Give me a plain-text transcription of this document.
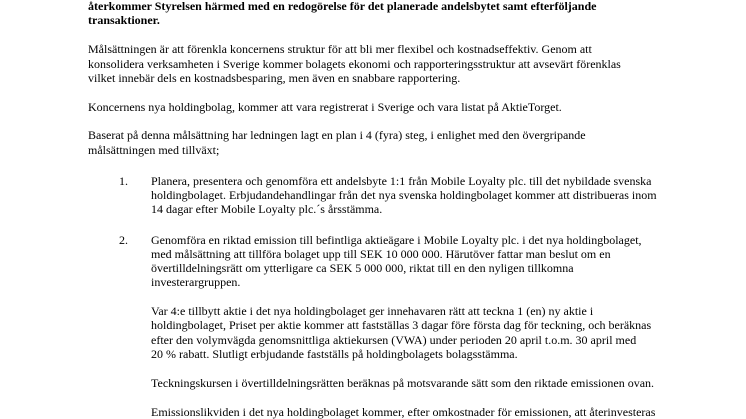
återkommer Styrelsen härmed med en redogörelse för det planerade andelsbytet samt efterföljande
transaktioner.
Målsättningen är att förenkla koncernens struktur för att bli mer flexibel och kostnadseffektiv. Genom att
konsolidera verksamheten i Sverige kommer bolagets ekonomi och rapporteringsstruktur att avsevärt förenklas
vilket innebär dels en kostnadsbesparing, men även en snabbare rapportering.
Koncernens nya holdingbolag, kommer att vara registrerat i Sverige och vara listat på AktieTorget.
Baserat på denna målsättning har ledningen lagt en plan i 4 (fyra) steg, i enlighet med den övergripande
målsättningen med tillväxt;
1. Planera, presentera och genomföra ett andelsbyte 1:1 från Mobile Loyalty plc. till det nybildade svenska
holdingbolaget. Erbjudandehandlingar från det nya svenska holdingbolaget kommer att distribueras inom
14 dagar efter Mobile Loyalty plc.´s årsstämma.
2. Genomföra en riktad emission till befintliga aktieägare i Mobile Loyalty plc. i det nya holdingbolaget,
med målsättning att tillföra bolaget upp till SEK 10 000 000. Härutöver fattar man beslut om en
övertilldelningsrätt om ytterligare ca SEK 5 000 000, riktat till en den nyligen tillkomna
investerargruppen.
Var 4:e tillbytt aktie i det nya holdingbolaget ger innehavaren rätt att teckna 1 (en) ny aktie i
holdingbolaget, Priset per aktie kommer att fastställas 3 dagar före första dag för teckning, och beräknas
efter den volymvägda genomsnittliga aktiekursen (VWA) under perioden 20 april t.o.m. 30 april med
20 % rabatt. Slutligt erbjudande fastställs på holdingbolagets bolagsstämma.
Teckningskursen i övertilldelningsrätten beräknas på motsvarande sätt som den riktade emissionen ovan.
Emissionslikviden i det nya holdingbolaget kommer, efter omkostnader för emissionen, att återinvesteras
